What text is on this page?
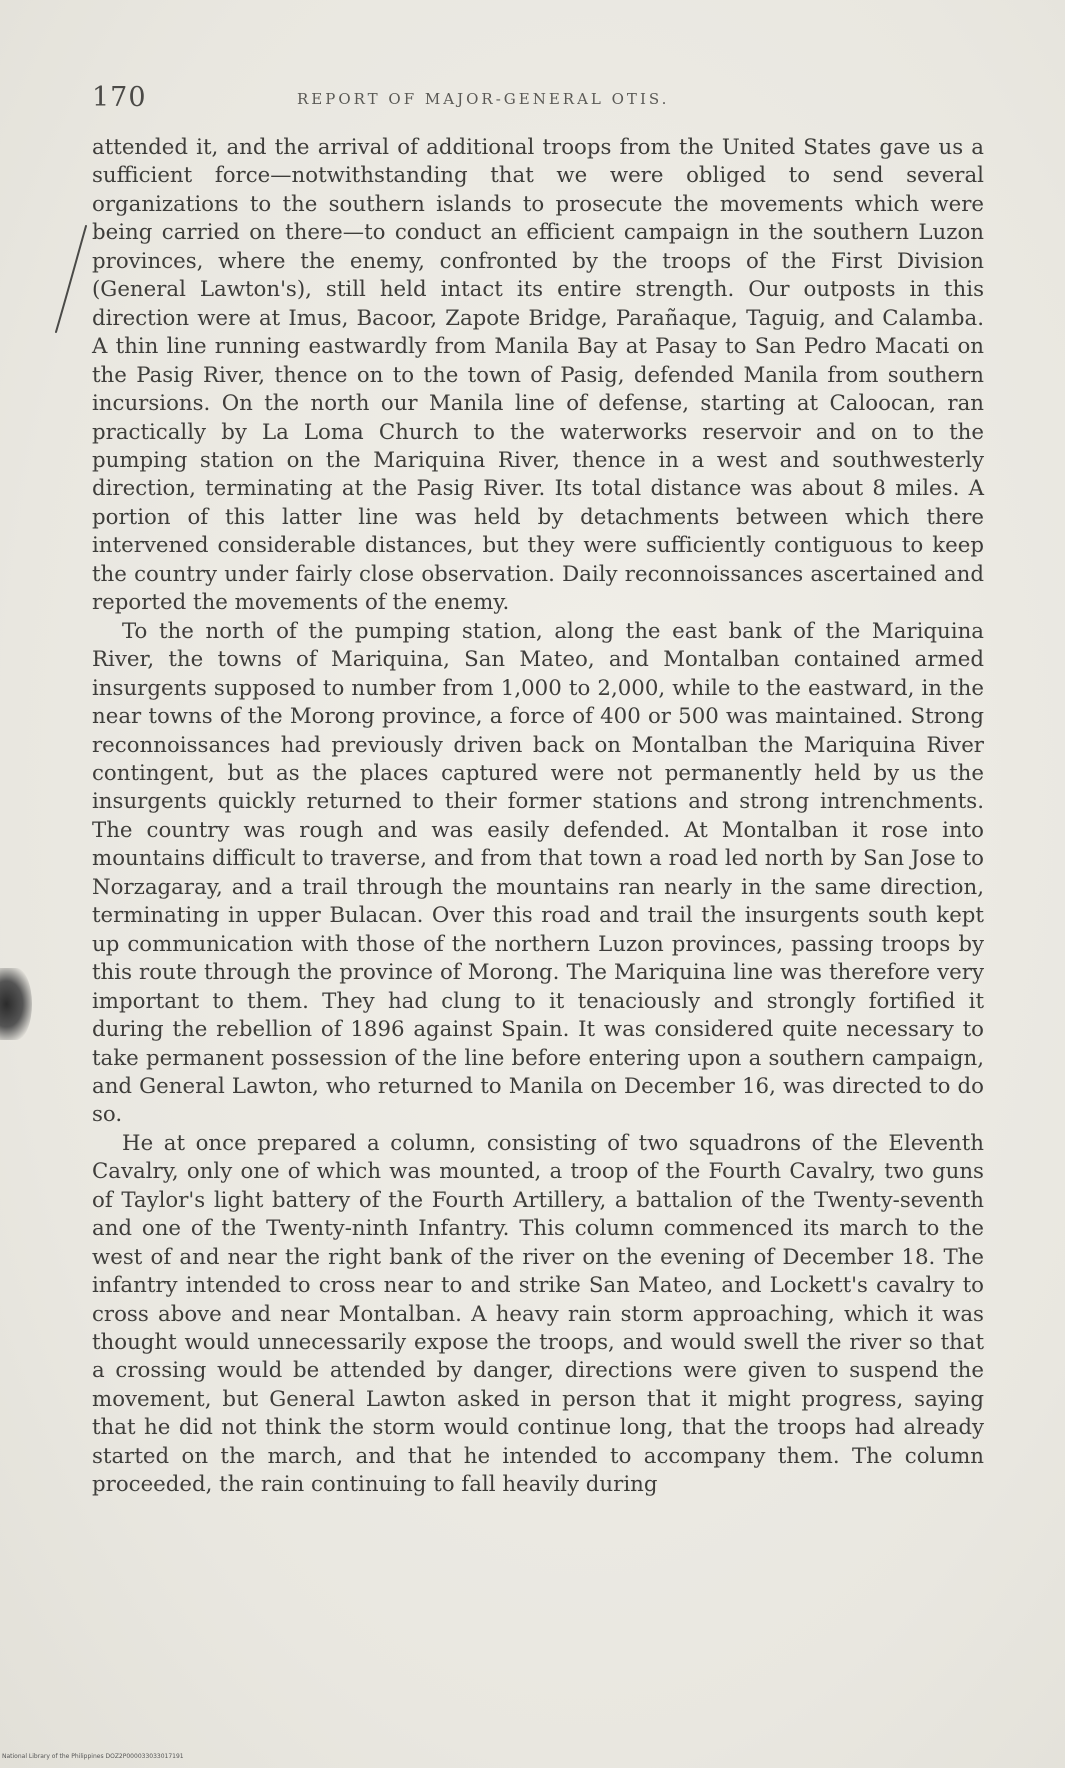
170	REPORT OF MAJOR-GENERAL OTIS.

attended it, and the arrival of additional troops from the United States gave us a sufficient force—notwithstanding that we were obliged to send several organizations to the southern islands to prosecute the movements which were being carried on there—to conduct an efficient campaign in the southern Luzon provinces, where the enemy, confronted by the troops of the First Division (General Lawton's), still held intact its entire strength. Our outposts in this direction were at Imus, Bacoor, Zapote Bridge, Parañaque, Taguig, and Calamba. A thin line running eastwardly from Manila Bay at Pasay to San Pedro Macati on the Pasig River, thence on to the town of Pasig, defended Manila from southern incursions. On the north our Manila line of defense, starting at Caloocan, ran practically by La Loma Church to the waterworks reservoir and on to the pumping station on the Mariquina River, thence in a west and southwesterly direction, terminating at the Pasig River. Its total distance was about 8 miles. A portion of this latter line was held by detachments between which there intervened considerable distances, but they were sufficiently contiguous to keep the country under fairly close observation. Daily reconnoissances ascertained and reported the movements of the enemy.

To the north of the pumping station, along the east bank of the Mariquina River, the towns of Mariquina, San Mateo, and Montalban contained armed insurgents supposed to number from 1,000 to 2,000, while to the eastward, in the near towns of the Morong province, a force of 400 or 500 was maintained. Strong reconnoissances had previously driven back on Montalban the Mariquina River contingent, but as the places captured were not permanently held by us the insurgents quickly returned to their former stations and strong intrenchments. The country was rough and was easily defended. At Montalban it rose into mountains difficult to traverse, and from that town a road led north by San Jose to Norzagaray, and a trail through the mountains ran nearly in the same direction, terminating in upper Bulacan. Over this road and trail the insurgents south kept up communication with those of the northern Luzon provinces, passing troops by this route through the province of Morong. The Mariquina line was therefore very important to them. They had clung to it tenaciously and strongly fortified it during the rebellion of 1896 against Spain. It was considered quite necessary to take permanent possession of the line before entering upon a southern campaign, and General Lawton, who returned to Manila on December 16, was directed to do so.

He at once prepared a column, consisting of two squadrons of the Eleventh Cavalry, only one of which was mounted, a troop of the Fourth Cavalry, two guns of Taylor's light battery of the Fourth Artillery, a battalion of the Twenty-seventh and one of the Twenty-ninth Infantry. This column commenced its march to the west of and near the right bank of the river on the evening of December 18. The infantry intended to cross near to and strike San Mateo, and Lockett's cavalry to cross above and near Montalban. A heavy rain storm approaching, which it was thought would unnecessarily expose the troops, and would swell the river so that a crossing would be attended by danger, directions were given to suspend the movement, but General Lawton asked in person that it might progress, saying that he did not think the storm would continue long, that the troops had already started on the march, and that he intended to accompany them. The column proceeded, the rain continuing to fall heavily during

National Library of the Philippines DOZ2P000033033017191
